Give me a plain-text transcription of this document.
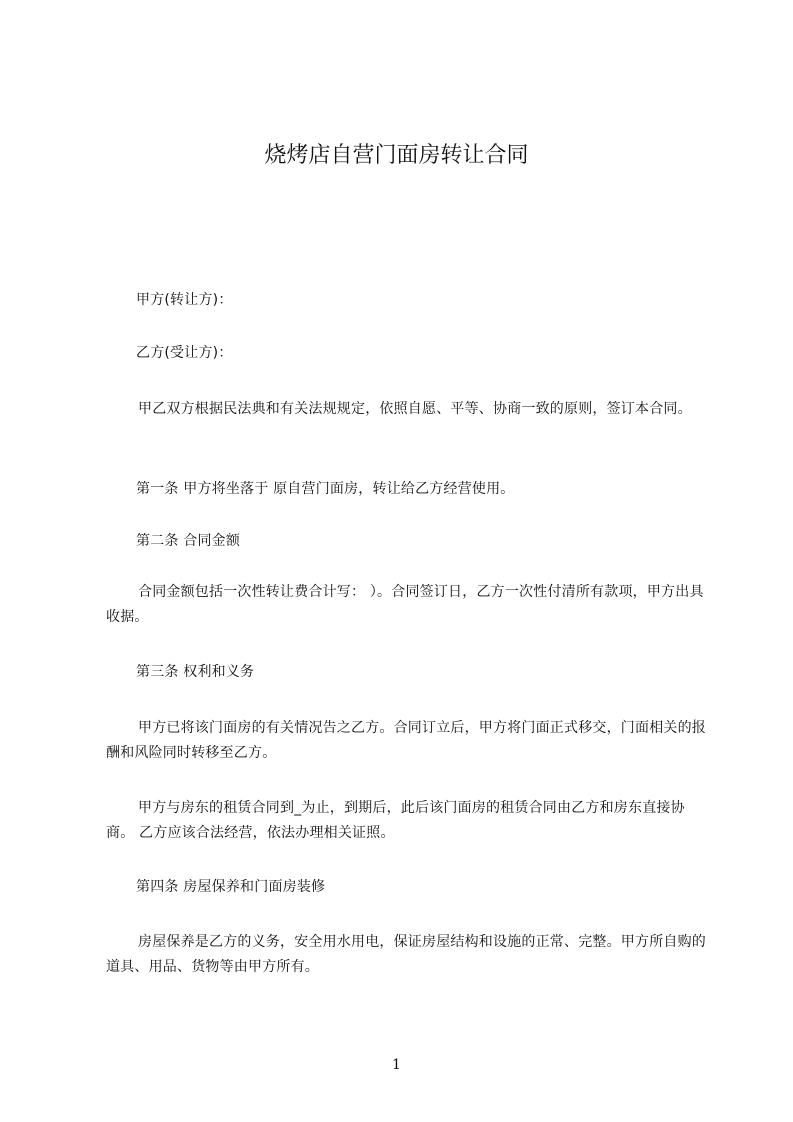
烧烤店自营门面房转让合同
甲方(转让方)：
乙方(受让方)：
甲乙双方根据民法典和有关法规规定，依照自愿、平等、协商一致的原则，签订本合同。
第一条 甲方将坐落于 原自营门面房，转让给乙方经营使用。
第二条 合同金额
合同金额包括一次性转让费合计写： ）。合同签订日，乙方一次性付清所有款项，甲方出具收据。
第三条 权利和义务
甲方已将该门面房的有关情况告之乙方。合同订立后，甲方将门面正式移交，门面相关的报酬和风险同时转移至乙方。
甲方与房东的租赁合同到_为止，到期后，此后该门面房的租赁合同由乙方和房东直接协商。 乙方应该合法经营，依法办理相关证照。
第四条 房屋保养和门面房装修
房屋保养是乙方的义务，安全用水用电，保证房屋结构和设施的正常、完整。甲方所自购的道具、用品、货物等由甲方所有。
1
